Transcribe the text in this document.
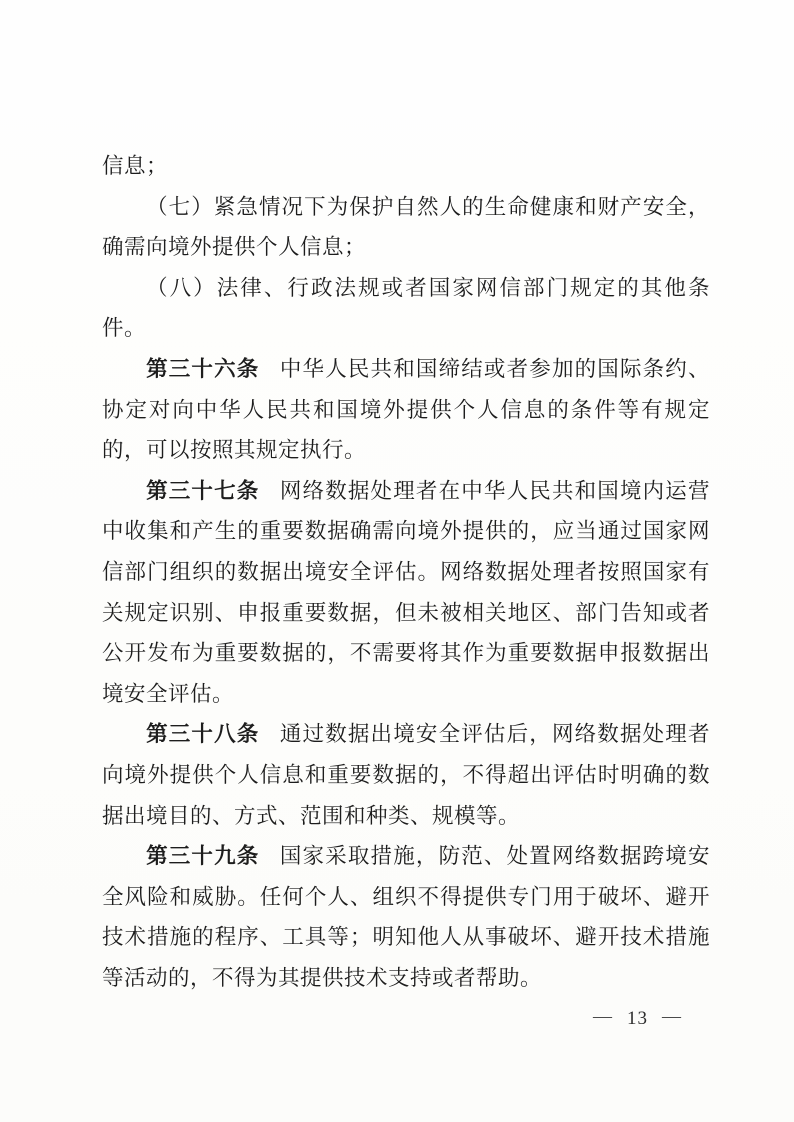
信息；

（七）紧急情况下为保护自然人的生命健康和财产安全，确需向境外提供个人信息；

（八）法律、行政法规或者国家网信部门规定的其他条件。

第三十六条 中华人民共和国缔结或者参加的国际条约、协定对向中华人民共和国境外提供个人信息的条件等有规定的，可以按照其规定执行。

第三十七条 网络数据处理者在中华人民共和国境内运营中收集和产生的重要数据确需向境外提供的，应当通过国家网信部门组织的数据出境安全评估。网络数据处理者按照国家有关规定识别、申报重要数据，但未被相关地区、部门告知或者公开发布为重要数据的，不需要将其作为重要数据申报数据出境安全评估。

第三十八条 通过数据出境安全评估后，网络数据处理者向境外提供个人信息和重要数据的，不得超出评估时明确的数据出境目的、方式、范围和种类、规模等。

第三十九条 国家采取措施，防范、处置网络数据跨境安全风险和威胁。任何个人、组织不得提供专门用于破坏、避开技术措施的程序、工具等；明知他人从事破坏、避开技术措施等活动的，不得为其提供技术支持或者帮助。

— 13 —
